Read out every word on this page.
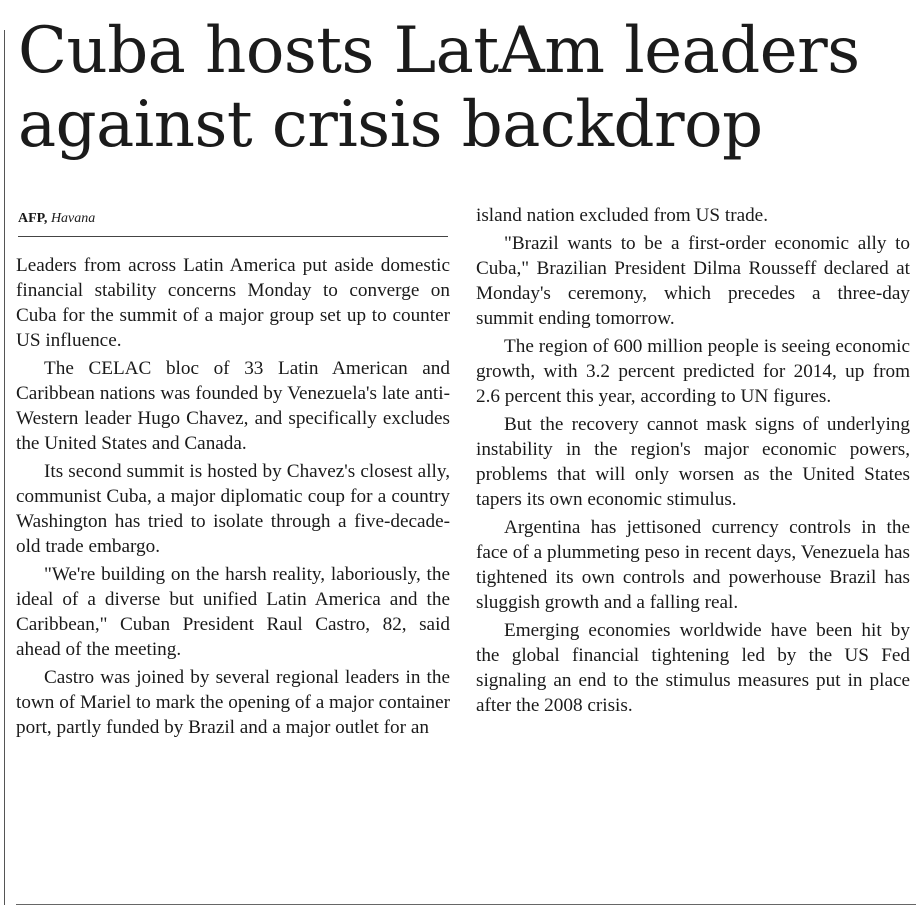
Cuba hosts LatAm leaders
against crisis backdrop
AFP, Havana

Leaders from across Latin America put aside domestic financial stability concerns Monday to converge on Cuba for the summit of a major group set up to counter US influence.

The CELAC bloc of 33 Latin American and Caribbean nations was founded by Venezuela's late anti-Western leader Hugo Chavez, and specifically excludes the United States and Canada.

Its second summit is hosted by Chavez's closest ally, communist Cuba, a major diplomatic coup for a country Washington has tried to isolate through a five-decade-old trade embargo.

"We're building on the harsh reality, laboriously, the ideal of a diverse but unified Latin America and the Caribbean," Cuban President Raul Castro, 82, said ahead of the meeting.

Castro was joined by several regional leaders in the town of Mariel to mark the opening of a major container port, partly funded by Brazil and a major outlet for an

island nation excluded from US trade.

"Brazil wants to be a first-order economic ally to Cuba," Brazilian President Dilma Rousseff declared at Monday's ceremony, which precedes a three-day summit ending tomorrow.

The region of 600 million people is seeing economic growth, with 3.2 percent predicted for 2014, up from 2.6 percent this year, according to UN figures.

But the recovery cannot mask signs of underlying instability in the region's major economic powers, problems that will only worsen as the United States tapers its own economic stimulus.

Argentina has jettisoned currency controls in the face of a plummeting peso in recent days, Venezuela has tightened its own controls and powerhouse Brazil has sluggish growth and a falling real.

Emerging economies worldwide have been hit by the global financial tightening led by the US Fed signaling an end to the stimulus measures put in place after the 2008 crisis.
